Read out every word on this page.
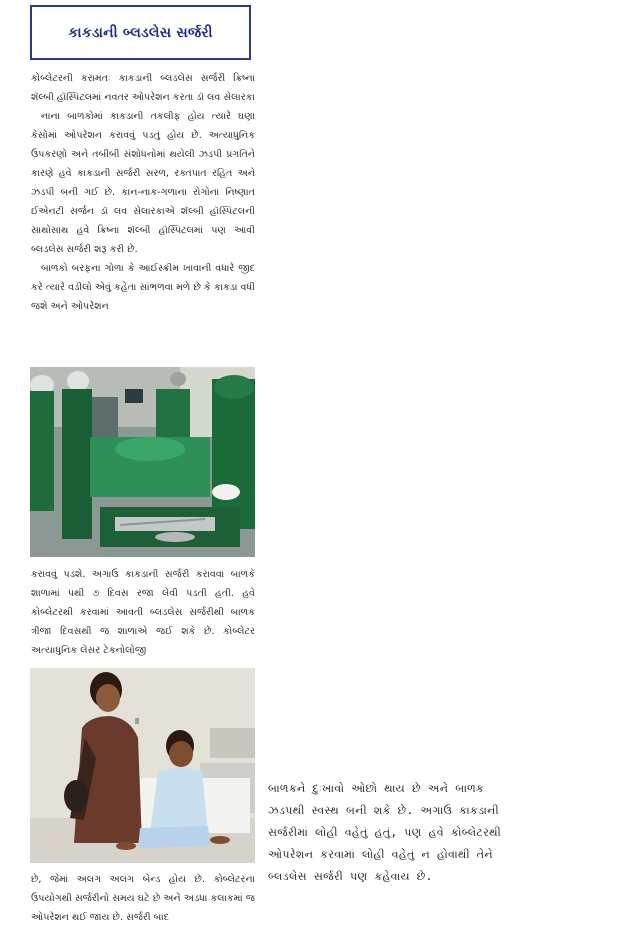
કાકડાની બ્લડલેસ સર્જરી

કોબ્લેટરની કરામતઃ કાકડાની બ્લડલેસ સર્જરી ક્રિષ્ના શૅલ્બી હૉસ્પિટલમાં નવતર ઓપરેશન કરતા ડૉ લવ સેલારકા

નાના બાળકોમાં કાકડાની તકલીફ હોય ત્યારે ઘણા કેસોમાં ઓપરેશન કરાવવું પડતું હોય છે. અત્યાધુનિક ઉપકરણો અને તબીબી સંશોધનોમાં થયેલી ઝડપી પ્રગતિને કારણે હવે કાકડાની સર્જરી સરળ, રક્તપાત રહિત અને ઝડપી બની ગઈ છે. કાન-નાક-ગળાના રોગોના નિષ્ણાત ઈએનટી સર્જન ડૉ લવ સેલારકાએ શૅલ્બી હૉસ્પિટલની સાથોસાથ હવે ક્રિષ્ના શૅલ્બી હૉસ્પિટલમાં પણ આવી બ્લડલેસ સર્જરી શરૂ કરી છે.

બાળકો બરફના ગોળા કે આઈસ્ક્રીમ ખાવાની વધારે જીદ કરે ત્યારે વડીલો એવું કહેતા સાંભળવા મળે છે કે કાકડા વધી જશે અને ઓપરેશન

કરાવવું પડશે. અગાઉ કાકડાની સર્જરી કરાવવા બાળકે શાળામાં પથી ૭ દિવસ રજા લેવી પડતી હતી. હવે કોબ્લેટરથી કરવામાં આવતી બ્લડલેસ સર્જરીથી બાળક ત્રીજા દિવસથી જ શાળાએ જઈ શકે છે. કોબ્લેટર અત્યાધુનિક લેસર ટેકનોલોજી

છે, જેમાં અલગ અલગ બેન્ડ હોય છે. કોબ્લેટરના ઉપયોગથી સર્જરીનો સમય ઘટે છે અને અડધા કલાકમાં જ ઓપરેશન થઈ જાય છે. સર્જરી બાદ

બાળકને દુઃખાવો ઓછો થાય છે અને બાળક
ઝડપથી સ્વસ્થ બની શકે છે. અગાઉ કાકડાની
સર્જરીમાં લોહી વહેતું હતું, પણ હવે કોબ્લેટરથી
ઓપરેશન કરવામાં લોહી વહેતું ન હોવાથી તેને
બ્લડલેસ સર્જરી પણ કહેવાય છે.
